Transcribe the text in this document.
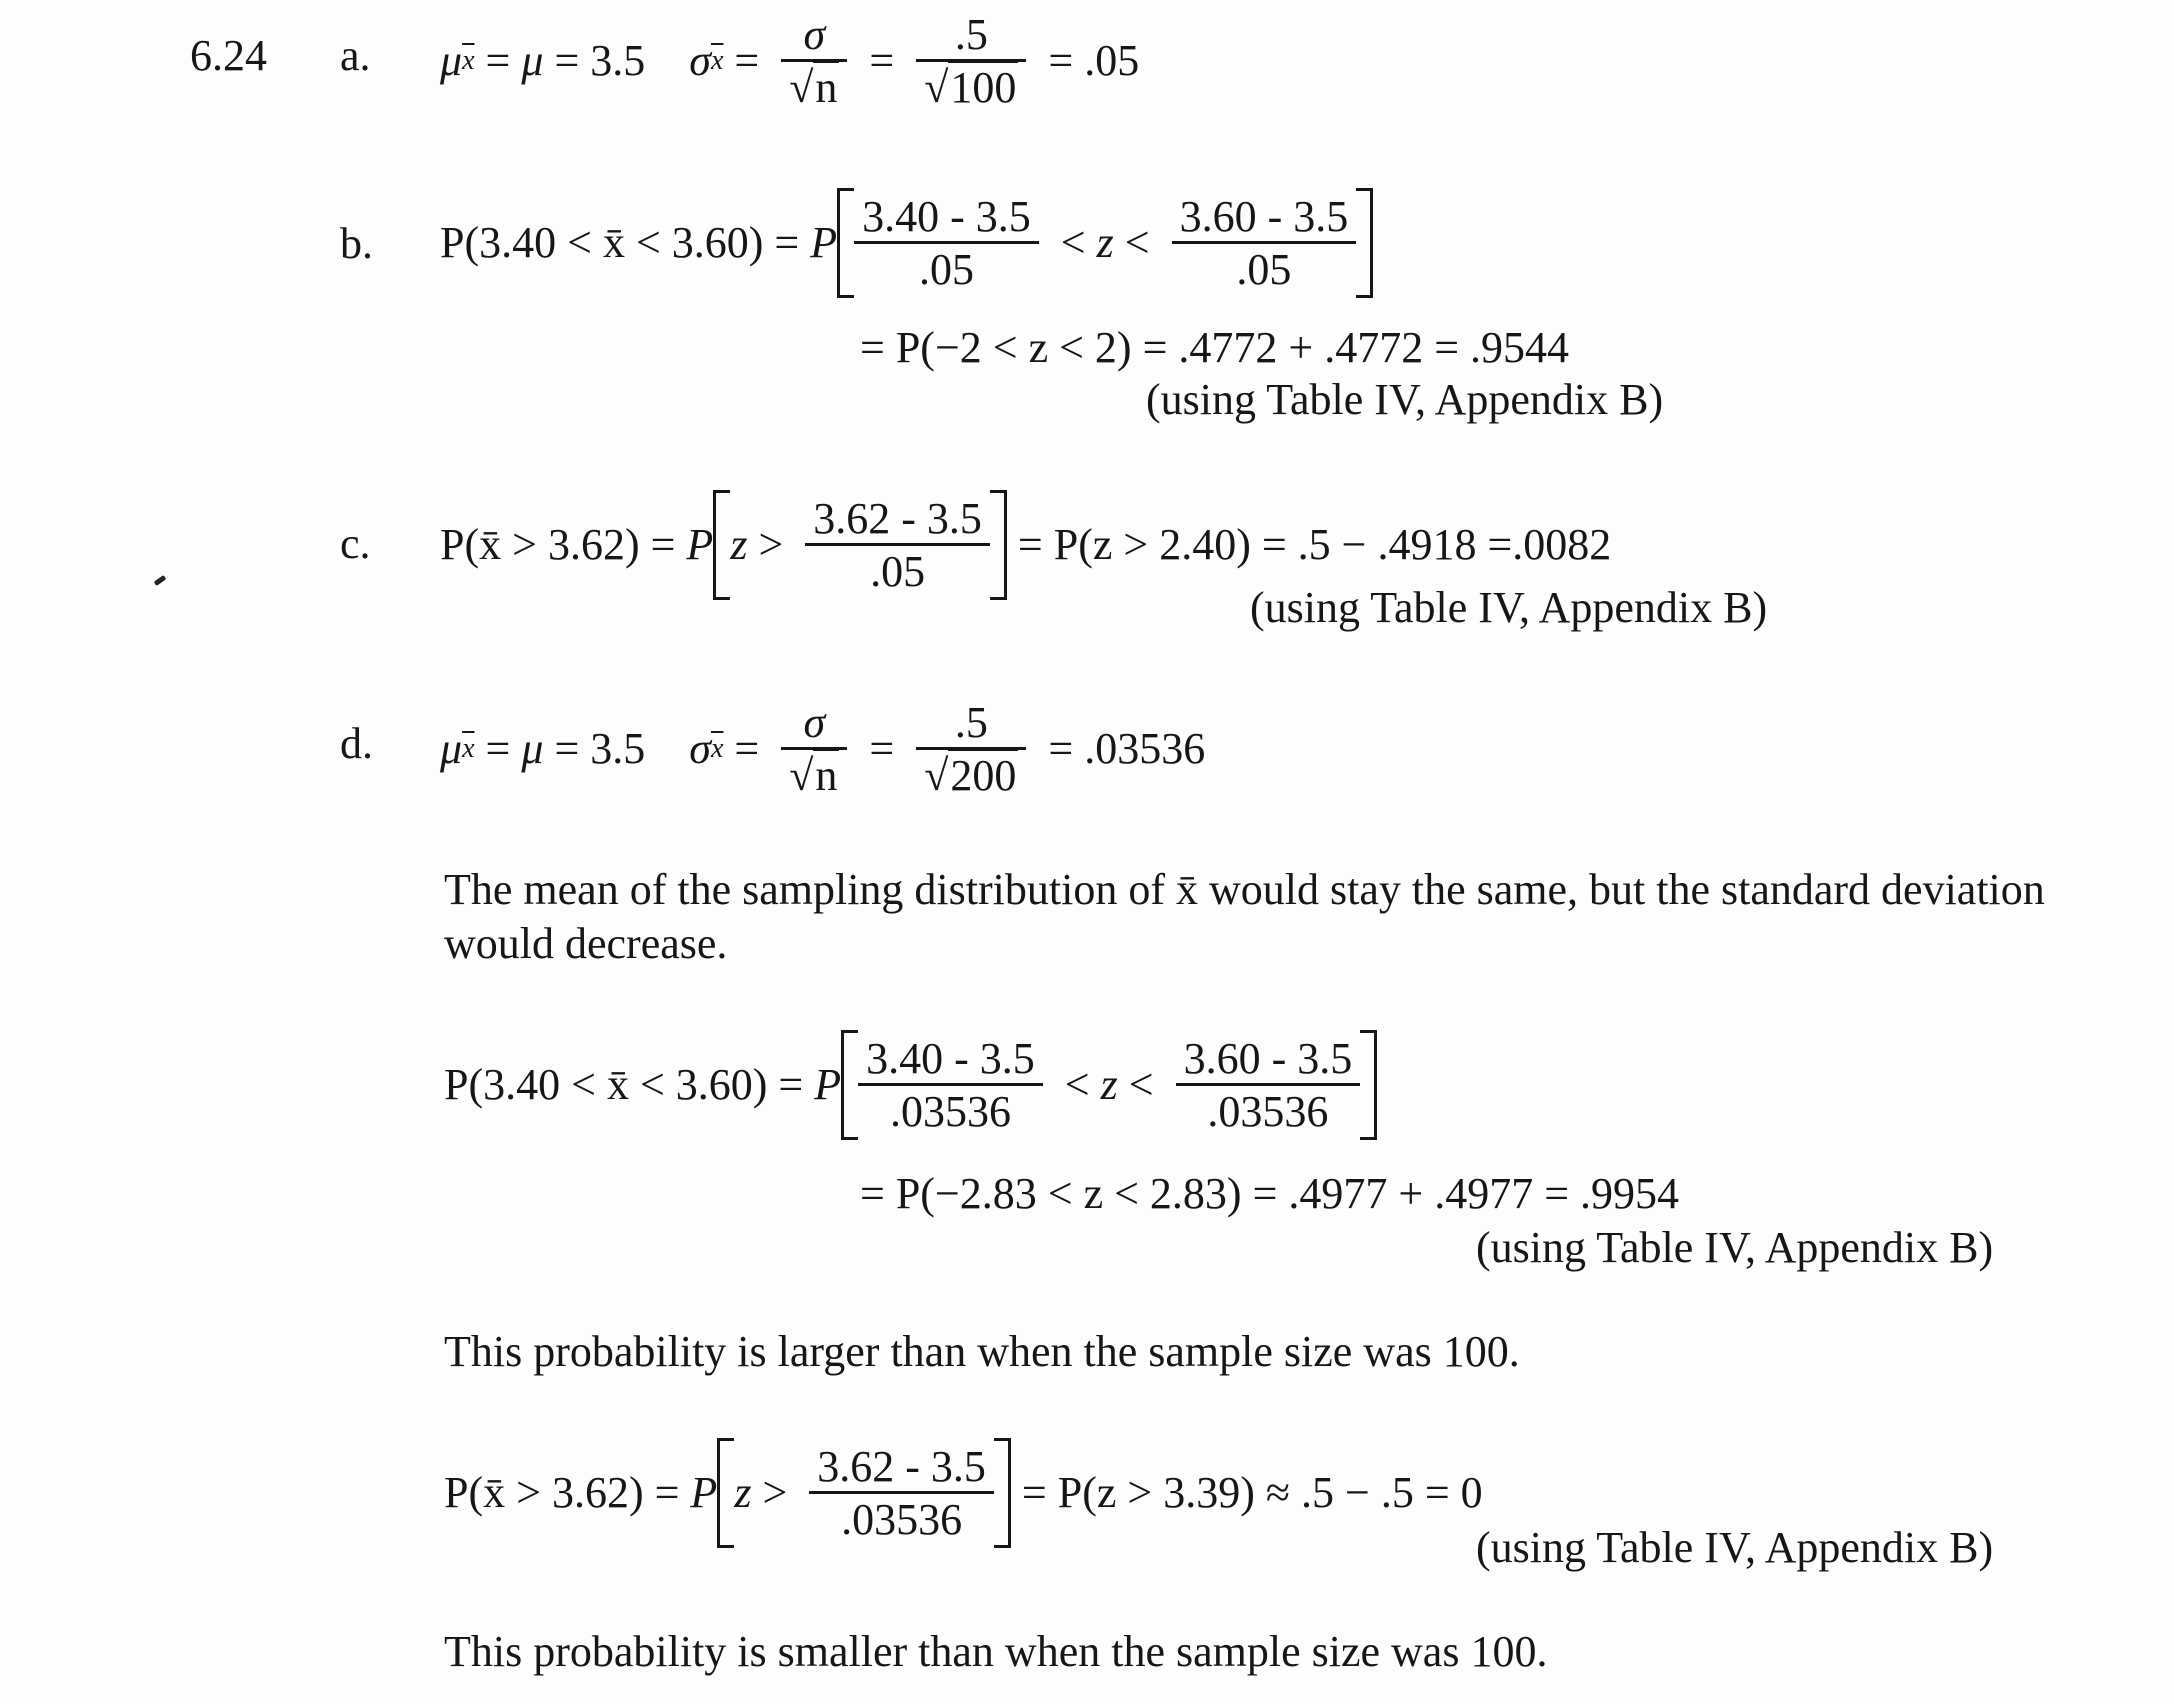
6.24 a. μ $\overline{x} = \mu = 3.5$
σ $\overline{x} = \frac{\sigma}{√n} = \frac{.5}{√100} = .05$
b. P(3.40 < x̄ < 3.60) = P $\frac{3.40 - 3.5}{.05} < z < \frac{3.60 - 3.5}{.05}$
= P(−2 < z < 2) = .4772 + .4772 = .9544
(using Table IV, Appendix B)
c. P(x̄ > 3.62) = P $z > \frac{3.62 - 3.5}{.05}$
= P(z > 2.40) = .5 − .4918 =.0082
(using Table IV, Appendix B)
d. μ $\overline{x} = \mu = 3.5$
σ $\overline{x} = \frac{\sigma}{√n} = \frac{.5}{√200} = .03536$
The mean of the sampling distribution of x̄ would stay the same, but the standard deviation
would decrease.
P(3.40 < x̄ < 3.60) = P $\frac{3.40 - 3.5}{.03536} < z < \frac{3.60 - 3.5}{.03536}$
= P(−2.83 < z < 2.83) = .4977 + .4977 = .9954
(using Table IV, Appendix B)
This probability is larger than when the sample size was 100.
P(x̄ > 3.62) = P $z > \frac{3.62 - 3.5}{.03536}$
= P(z > 3.39) ≈ .5 − .5 = 0
(using Table IV, Appendix B)
This probability is smaller than when the sample size was 100.
